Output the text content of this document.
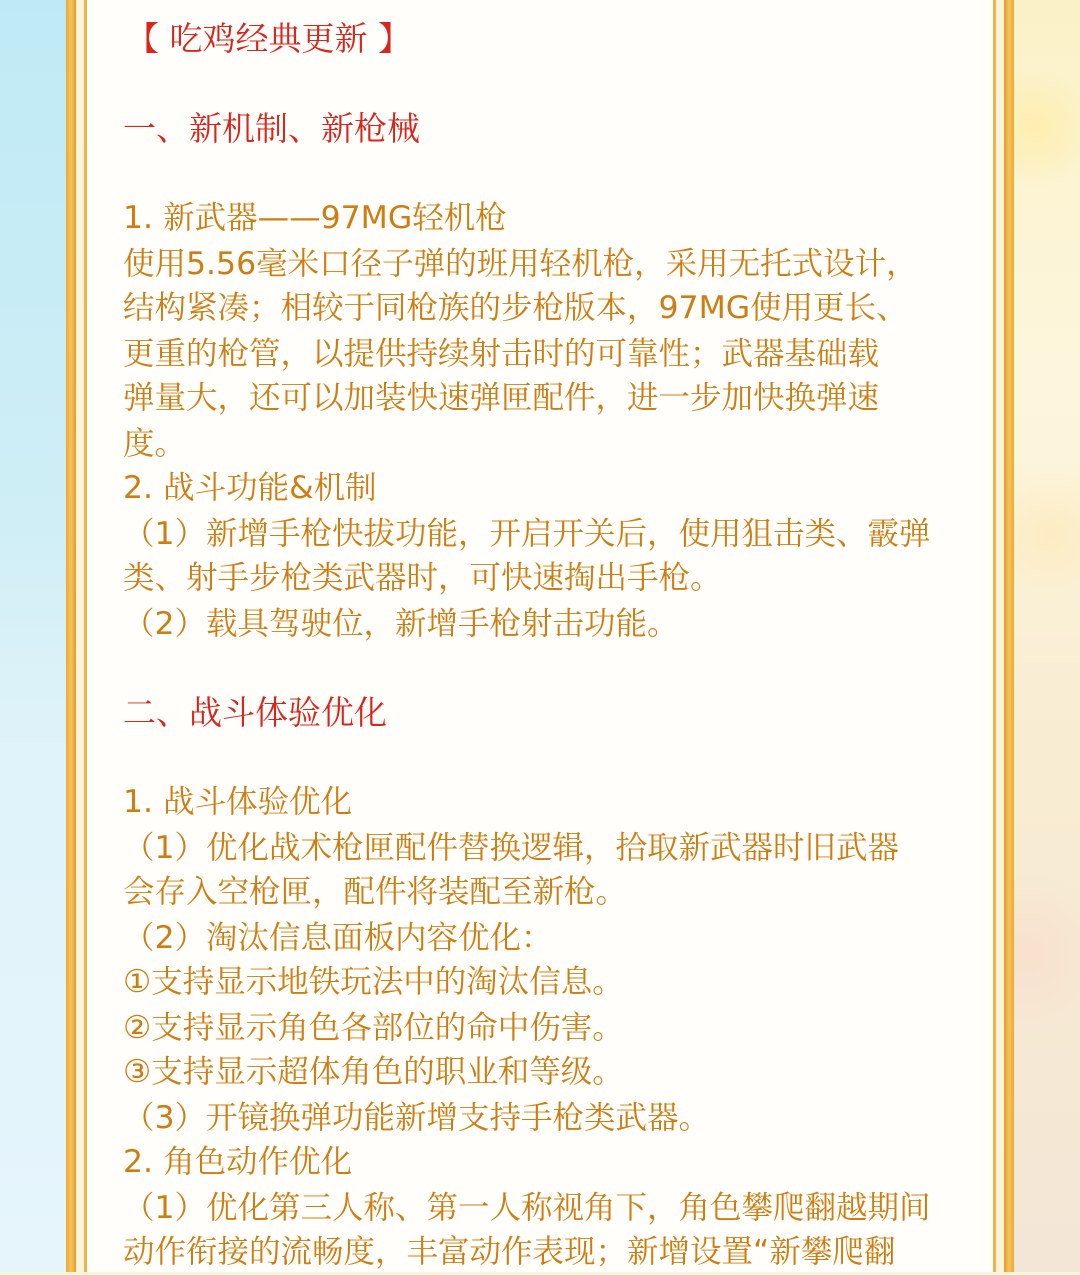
【 吃鸡经典更新 】
一、新机制、新枪械
1. 新武器——97MG轻机枪
使用5.56毫米口径子弹的班用轻机枪，采用无托式设计，
结构紧凑；相较于同枪族的步枪版本，97MG使用更长、
更重的枪管，以提供持续射击时的可靠性；武器基础载
弹量大，还可以加装快速弹匣配件，进一步加快换弹速
度。
2. 战斗功能&机制
（1）新增手枪快拔功能，开启开关后，使用狙击类、霰弹
类、射手步枪类武器时，可快速掏出手枪。
（2）载具驾驶位，新增手枪射击功能。
二、战斗体验优化
1. 战斗体验优化
（1）优化战术枪匣配件替换逻辑，拾取新武器时旧武器
会存入空枪匣，配件将装配至新枪。
（2）淘汰信息面板内容优化：
①支持显示地铁玩法中的淘汰信息。
②支持显示角色各部位的命中伤害。
③支持显示超体角色的职业和等级。
（3）开镜换弹功能新增支持手枪类武器。
2. 角色动作优化
（1）优化第三人称、第一人称视角下，角色攀爬翻越期间
动作衔接的流畅度，丰富动作表现；新增设置“新攀爬翻
